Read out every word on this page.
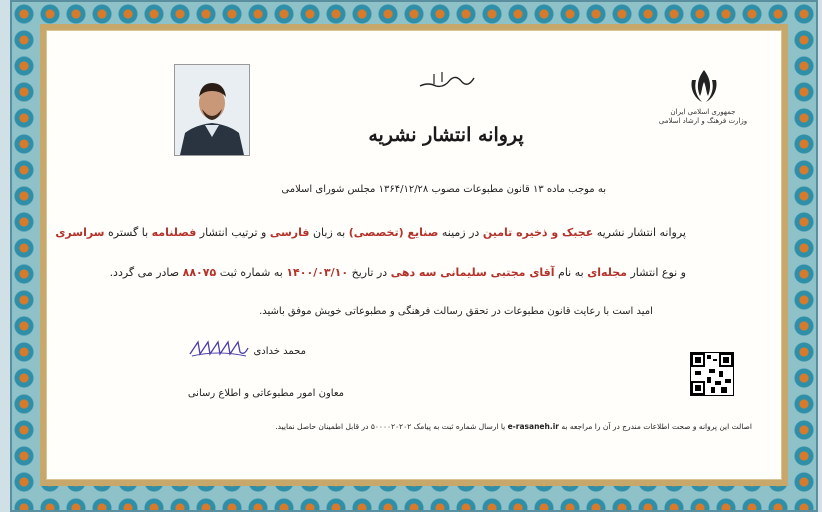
جمهوری اسلامی ایران
وزارت فرهنگ و ارشاد اسلامی
پروانه انتشار نشریه
به موجب ماده ۱۳ قانون مطبوعات مصوب ۱۳۶۴/۱۲/۲۸ مجلس شورای اسلامی
پروانه انتشار نشریه عجبک و ذخیره تامین در زمینه صنایع (تخصصی) به زبان فارسی و ترتیب انتشار فصلنامه با گستره سراسری
و نوع انتشار مجله‌ای به نام آقای مجتبی سلیمانی سه دهی در تاریخ ۱۴۰۰/۰۳/۱۰ به شماره ثبت ۸۸۰۷۵ صادر می گردد.
امید است با رعایت قانون مطبوعات در تحقق رسالت فرهنگی و مطبوعاتی خویش موفق باشید.
محمد خدادی
معاون امور مطبوعاتی و اطلاع رسانی
اصالت این پروانه و صحت اطلاعات مندرج در آن را مراجعه به e-rasaneh.ir یا ارسال شماره ثبت به پیامک ۵۰۰۰۰۲۰۲۰۲ در قابل اطمینان حاصل نمایید.
